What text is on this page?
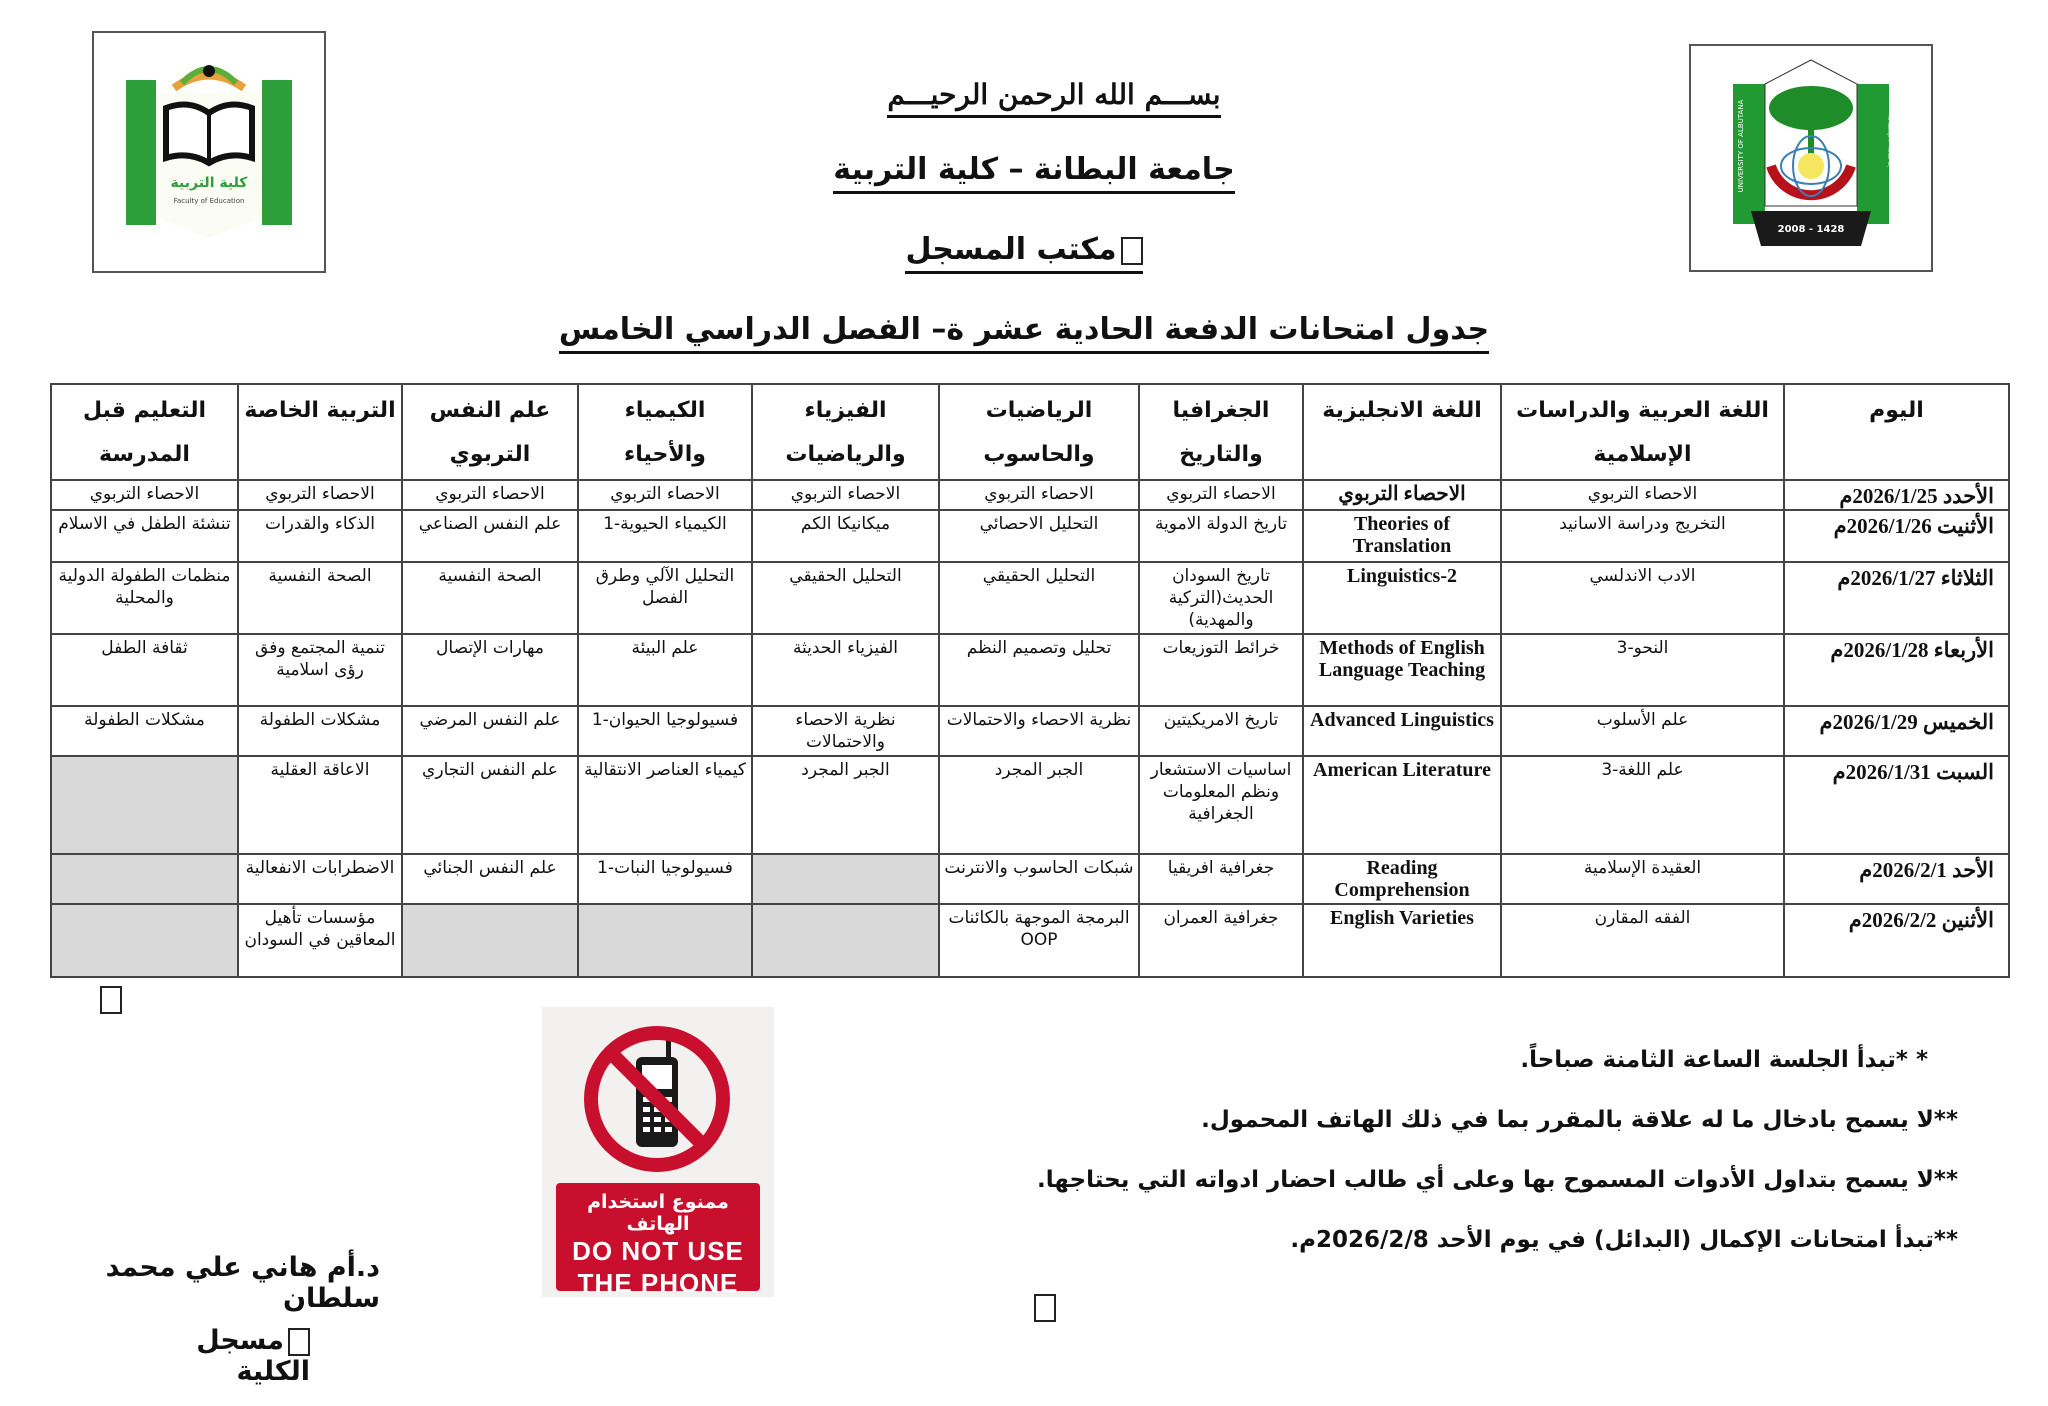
كلية التربية
Faculty of Education
2008 - 1428
جامعة البطانة
UNIVERSITY OF ALBUTANA
بســـم الله الرحمن الرحيـــم
جامعة البطانة – كلية التربية
مكتب المسجل
جدول امتحانات الدفعة الحادية عشر ة– الفصل الدراسي الخامس
اليوم	اللغة العربية والدراسات الإسلامية	اللغة الانجليزية	الجغرافيا والتاريخ	الرياضيات والحاسوب	الفيزياء والرياضيات	الكيمياء والأحياء	علم النفس التربوي	التربية الخاصة	التعليم قبل المدرسة
الأحدد 2026/1/25م	الاحصاء التربوي	الاحصاء التربوي	الاحصاء التربوي	الاحصاء التربوي	الاحصاء التربوي	الاحصاء التربوي	الاحصاء التربوي	الاحصاء التربوي	الاحصاء التربوي
الأثنيت 2026/1/26م	التخريج ودراسة الاسانيد	Theories of Translation	تاريخ الدولة الاموية	التحليل الاحصائي	ميكانيكا الكم	الكيمياء الحيوية-1	علم النفس الصناعي	الذكاء والقدرات	تنشئة الطفل في الاسلام
الثلاثاء 2026/1/27م	الادب الاندلسي	Linguistics-2	تاريخ السودان الحديث(التركية والمهدية)	التحليل الحقيقي	التحليل الحقيقي	التحليل الآلي وطرق الفصل	الصحة النفسية	الصحة النفسية	منظمات الطفولة الدولية والمحلية
الأربعاء 2026/1/28م	النحو-3	Methods of English Language Teaching	خرائط التوزيعات	تحليل وتصميم النظم	الفيزياء الحديثة	علم البيئة	مهارات الإتصال	تنمية المجتمع وفق رؤى اسلامية	ثقافة الطفل
الخميس 2026/1/29م	علم الأسلوب	Advanced Linguistics	تاريخ الامريكيتين	نظرية الاحصاء والاحتمالات	نظرية الاحصاء والاحتمالات	فسيولوجيا الحيوان-1	علم النفس المرضي	مشكلات الطفولة	مشكلات الطفولة
السبت 2026/1/31م	علم اللغة-3	American Literature	اساسيات الاستشعار ونظم المعلومات الجغرافية	الجبر المجرد	الجبر المجرد	كيمياء العناصر الانتقالية	علم النفس التجاري	الاعاقة العقلية	
الأحد 2026/2/1م	العقيدة الإسلامية	Reading Comprehension	جغرافية افريقيا	شبكات الحاسوب والانترنت		فسيولوجيا النبات-1	علم النفس الجنائي	الاضطرابات الانفعالية	
الأثنين 2026/2/2م	الفقه المقارن	English Varieties	جغرافية العمران	البرمجة الموجهة بالكائنات OOP				مؤسسات تأهيل المعاقين في السودان	
ممنوع استخدام الهاتف
DO NOT USE
THE PHONE
* *تبدأ الجلسة الساعة الثامنة صباحاً.
**لا يسمح بادخال ما له علاقة بالمقرر بما في ذلك الهاتف المحمول.
**لا يسمح بتداول الأدوات المسموح بها وعلى أي طالب احضار ادواته التي يحتاجها.
**تبدأ امتحانات الإكمال (البدائل) في يوم الأحد 2026/2/8م.
د.أم هاني علي محمد سلطان
مسجل الكلية
